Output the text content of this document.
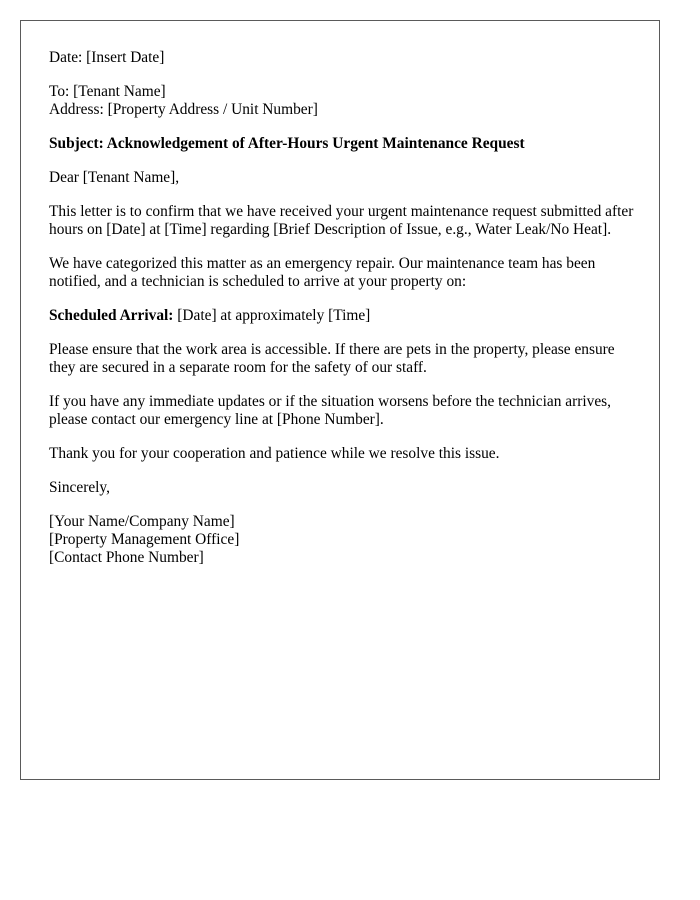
Date: [Insert Date]

To: [Tenant Name]
Address: [Property Address / Unit Number]

Subject: Acknowledgement of After-Hours Urgent Maintenance Request

Dear [Tenant Name],

This letter is to confirm that we have received your urgent maintenance request submitted after hours on [Date] at [Time] regarding [Brief Description of Issue, e.g., Water Leak/No Heat].

We have categorized this matter as an emergency repair. Our maintenance team has been notified, and a technician is scheduled to arrive at your property on:

Scheduled Arrival: [Date] at approximately [Time]

Please ensure that the work area is accessible. If there are pets in the property, please ensure they are secured in a separate room for the safety of our staff.

If you have any immediate updates or if the situation worsens before the technician arrives, please contact our emergency line at [Phone Number].

Thank you for your cooperation and patience while we resolve this issue.

Sincerely,

[Your Name/Company Name]
[Property Management Office]
[Contact Phone Number]
